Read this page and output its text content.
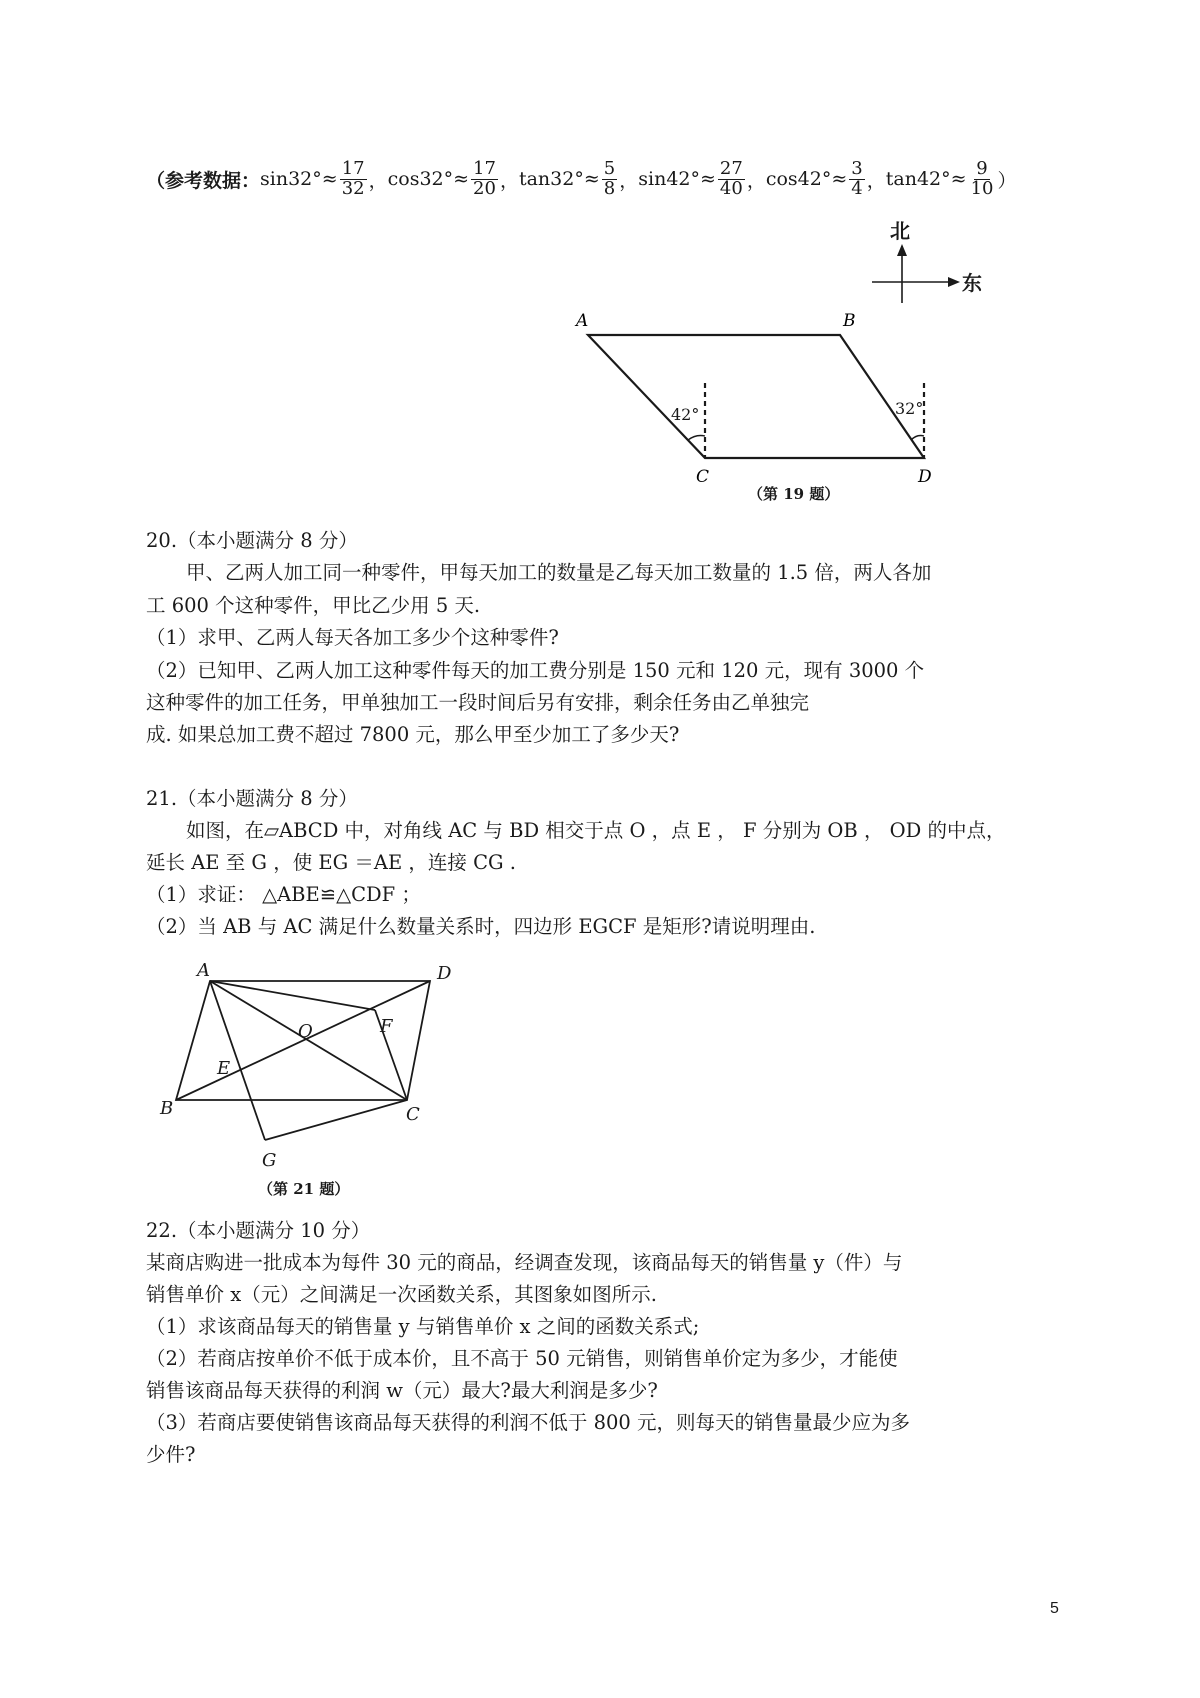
（参考数据： $\sin 32^\circ \approx \frac{17}{32}$ ， $\cos 32^\circ \approx \frac{17}{20}$ ， $\tan 32^\circ \approx \frac{5}{8}$ ， $\sin 42^\circ \approx \frac{27}{40}$ ， $\cos 42^\circ \approx \frac{3}{4}$ ， $\tan 42^\circ \approx \frac{9}{10}$ ）
北
东
A	B
C	D
42°	32°
（第 19 题）
20.（本小题满分 8 分）
甲、乙两人加工同一种零件，甲每天加工的数量是乙每天加工数量的 1.5 倍，两人各加
工 600 个这种零件，甲比乙少用 5 天.
（1）求甲、乙两人每天各加工多少个这种零件?
（2）已知甲、乙两人加工这种零件每天的加工费分别是 150 元和 120 元，现有 3000 个
这种零件的加工任务，甲单独加工一段时间后另有安排，剩余任务由乙单独完
成. 如果总加工费不超过 7800 元，那么甲至少加工了多少天?
21.（本小题满分 8 分）
如图，在▱ABCD 中，对角线 AC 与 BD 相交于点 O ，点 E ， F 分别为 OB ， OD 的中点，
延长 AE 至 G ，使 EG ＝AE ，连接 CG .
（1）求证： △ABE≌△CDF ；
（2）当 AB 与 AC 满足什么数量关系时，四边形 EGCF 是矩形?请说明理由.
A	D
O	F
E
B	C
G
（第 21 题）
22.（本小题满分 10 分）
某商店购进一批成本为每件 30 元的商品，经调查发现，该商品每天的销售量 y（件）与
销售单价 x（元）之间满足一次函数关系，其图象如图所示.
（1）求该商品每天的销售量 y 与销售单价 x 之间的函数关系式;
（2）若商店按单价不低于成本价，且不高于 50 元销售，则销售单价定为多少，才能使
销售该商品每天获得的利润 w（元）最大?最大利润是多少?
（3）若商店要使销售该商品每天获得的利润不低于 800 元，则每天的销售量最少应为多
少件?
5
